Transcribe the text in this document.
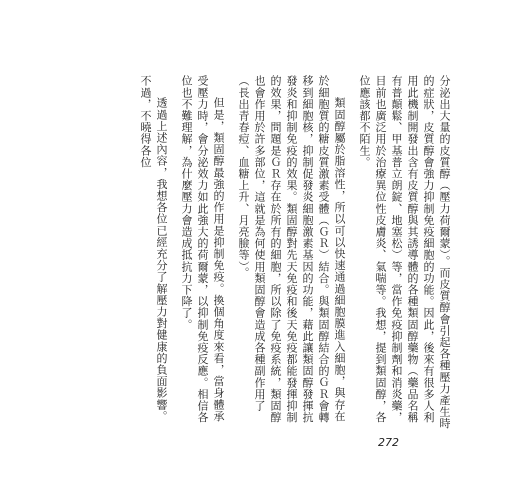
分泌出大量的皮質醇（壓力荷爾蒙）。而皮質醇會引起各種壓力產生時的症狀，皮質醇會強力抑制免疫細胞的功能。因此，後來有很多人利用此機制開發出含有皮質醇與其誘導體的各種類固醇藥物（藥品名稱有普顛鬆、甲基普立朗錠、地塞松）等，當作免疫抑制劑和消炎藥，目前也廣泛用於治療異位性皮膚炎、氣喘等。我想，提到類固醇，各位應該都不陌生。

類固醇屬於脂溶性，所以可以快速通過細胞膜進入細胞，與存在於細胞質的糖皮質激素受體（ＧＲ）結合。與類固醇結合的ＧＲ會轉移到細胞核，抑制促發炎細胞激素基因的功能，藉此讓類固醇發揮抗發炎和抑制免疫的效果。類固醇對先天免疫和後天免疫都能發揮抑制的效果，問題是ＧＲ存在於所有的細胞，所以除了免疫系統，類固醇也會作用於許多部位，這就是為何使用類固醇會造成各種副作用了（長出青春痘、血糖上升、月亮臉等）。

但是，類固醇最強的作用是抑制免疫。換個角度來看，當身體承受壓力時，會分泌效力如此強大的荷爾蒙，以抑制免疫反應。相信各位也不難理解，為什麼壓力會造成抵抗力下降了。

透過上述內容，我想各位已經充分了解壓力對健康的負面影響。不過，不曉得各位

272
